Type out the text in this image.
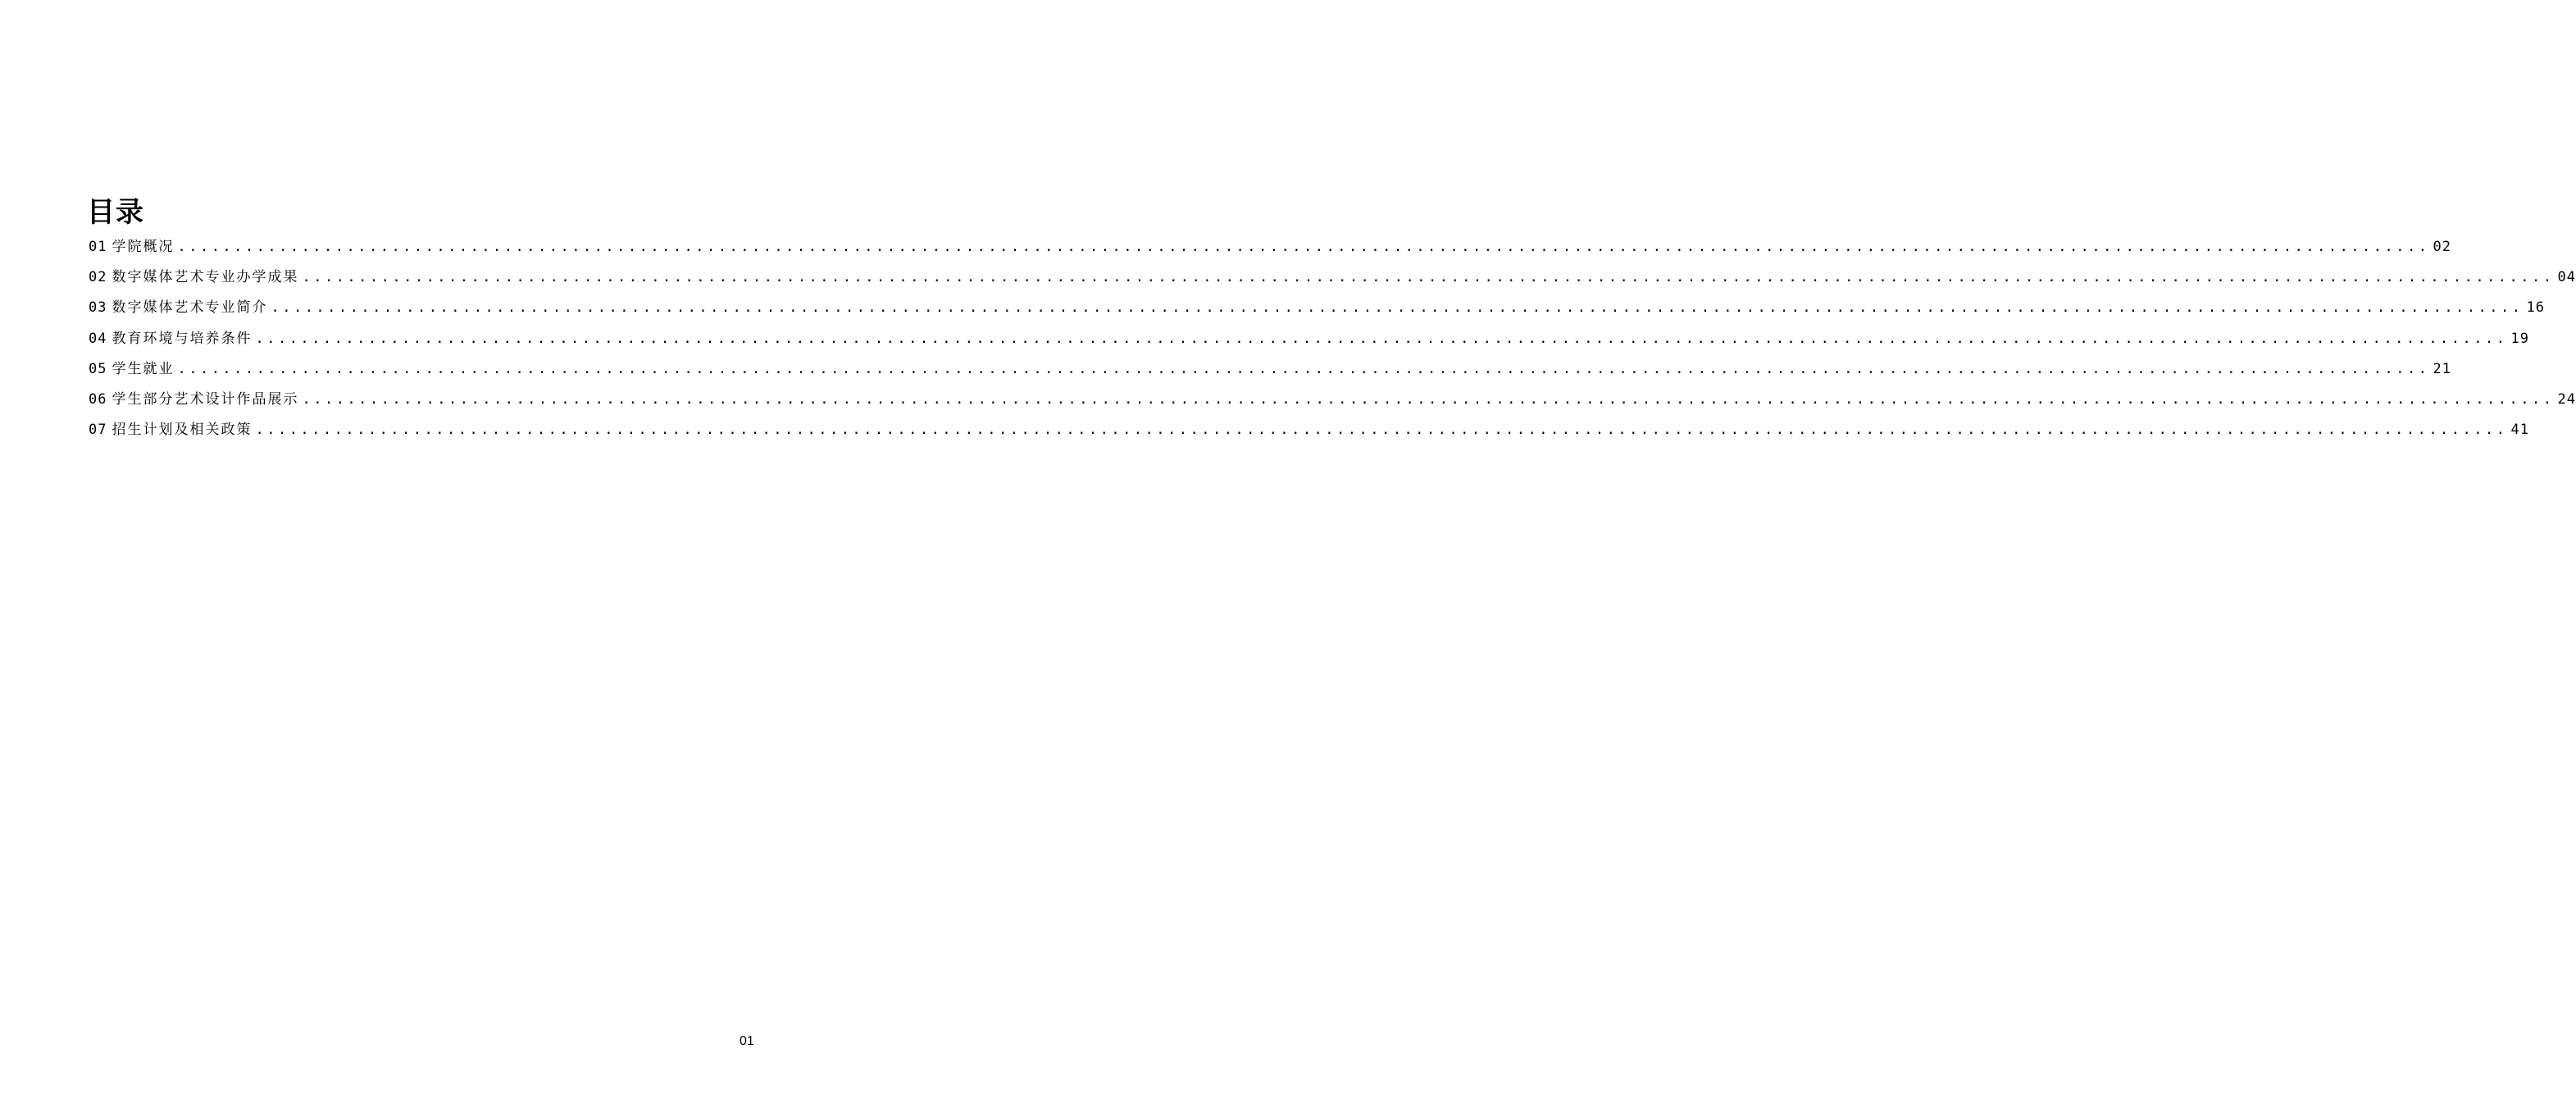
目录
01 学院概况 ........................................................................................................................................................................................................ 02
02 数字媒体艺术专业办学成果 ........................................................................................................................................................................................................ 04
03 数字媒体艺术专业简介 ........................................................................................................................................................................................................ 16
04 教育环境与培养条件 ........................................................................................................................................................................................................ 19
05 学生就业 ........................................................................................................................................................................................................ 21
06 学生部分艺术设计作品展示 ........................................................................................................................................................................................................ 24
07 招生计划及相关政策 ........................................................................................................................................................................................................ 41
01
